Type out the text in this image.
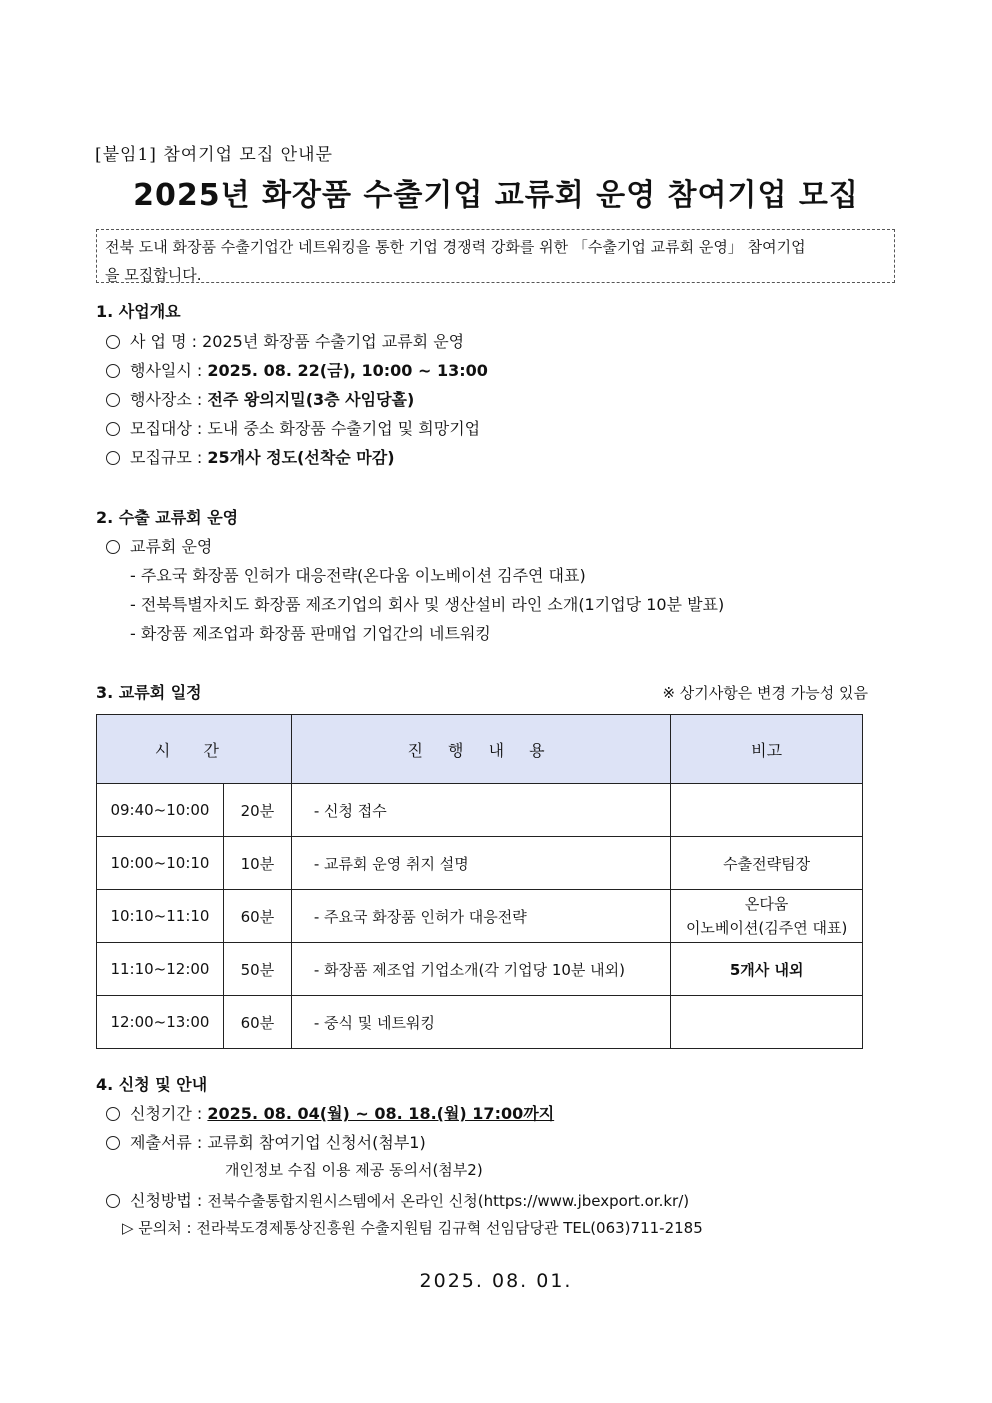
[붙임1] 참여기업 모집 안내문
2025년 화장품 수출기업 교류회 운영 참여기업 모집
전북 도내 화장품 수출기업간 네트워킹을 통한 기업 경쟁력 강화를 위한 「수출기업 교류회 운영」 참여기업
을 모집합니다.
1. 사업개요
사 업 명 : 2025년 화장품 수출기업 교류회 운영
행사일시 : 2025. 08. 22(금), 10:00 ~ 13:00
행사장소 : 전주 왕의지밀(3층 사임당홀)
모집대상 : 도내 중소 화장품 수출기업 및 희망기업
모집규모 : 25개사 정도(선착순 마감)
2. 수출 교류회 운영
교류회 운영
- 주요국 화장품 인허가 대응전략(온다움 이노베이션 김주연 대표)
- 전북특별자치도 화장품 제조기업의 회사 및 생산설비 라인 소개(1기업당 10분 발표)
- 화장품 제조업과 화장품 판매업 기업간의 네트워킹
3. 교류회 일정	※ 상기사항은 변경 가능성 있음
시 간		진 행 내 용	비고
09:40~10:00	20분	- 신청 접수	
10:00~10:10	10분	- 교류회 운영 취지 설명	수출전략팀장
10:10~11:10	60분	- 주요국 화장품 인허가 대응전략	온다움
이노베이션(김주연 대표)

11:10~12:00	50분	- 화장품 제조업 기업소개(각 기업당 10분 내외)	5개사 내외
12:00~13:00	60분	- 중식 및 네트워킹	
4. 신청 및 안내
신청기간 : 2025. 08. 04(월) ~ 08. 18.(월) 17:00까지
제출서류 : 교류회 참여기업 신청서(첨부1)
개인정보 수집 이용 제공 동의서(첨부2)
신청방법 : 전북수출통합지원시스템에서 온라인 신청(https://www.jbexport.or.kr/)
▷ 문의처 : 전라북도경제통상진흥원 수출지원팀 김규혁 선임담당관 TEL(063)711-2185
2025. 08. 01.
